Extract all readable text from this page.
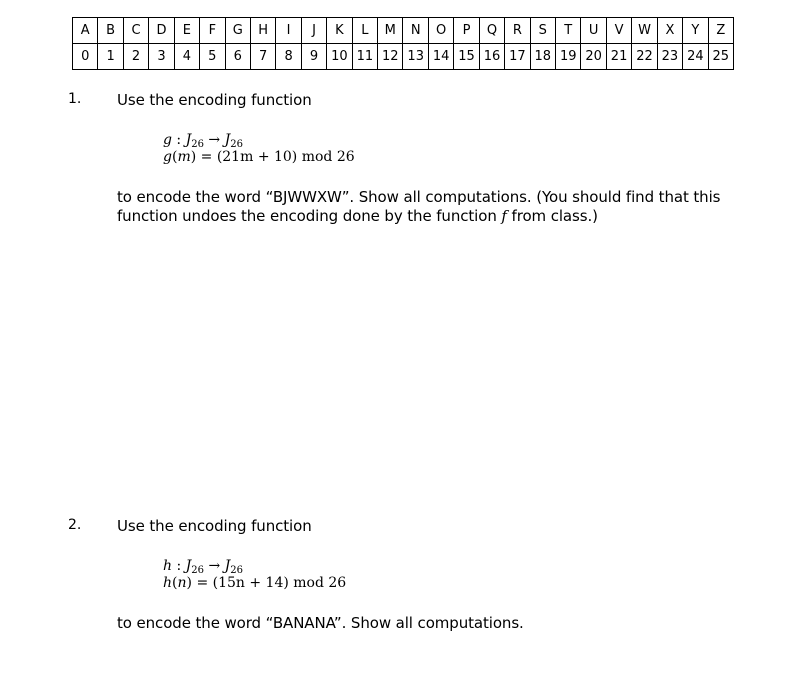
A	B	C	D	E	F	G	H	I	J	K	L	M	N	O	P	Q	R	S	T	U	V	W	X	Y	Z
0	1	2	3	4	5	6	7	8	9	10	11	12	13	14	15	16	17	18	19	20	21	22	23	24	25
1. Use the encoding function
g : $J_{26} \to J_{26}$
g(m) = (21m + 10) mod 26
to encode the word “BJWWXW”. Show all computations. (You should find that this
function undoes the encoding done by the function f from class.)
2. Use the encoding function
h : $J_{26} \to J_{26}$
h(n) = (15n + 14) mod 26
to encode the word “BANANA”. Show all computations.
